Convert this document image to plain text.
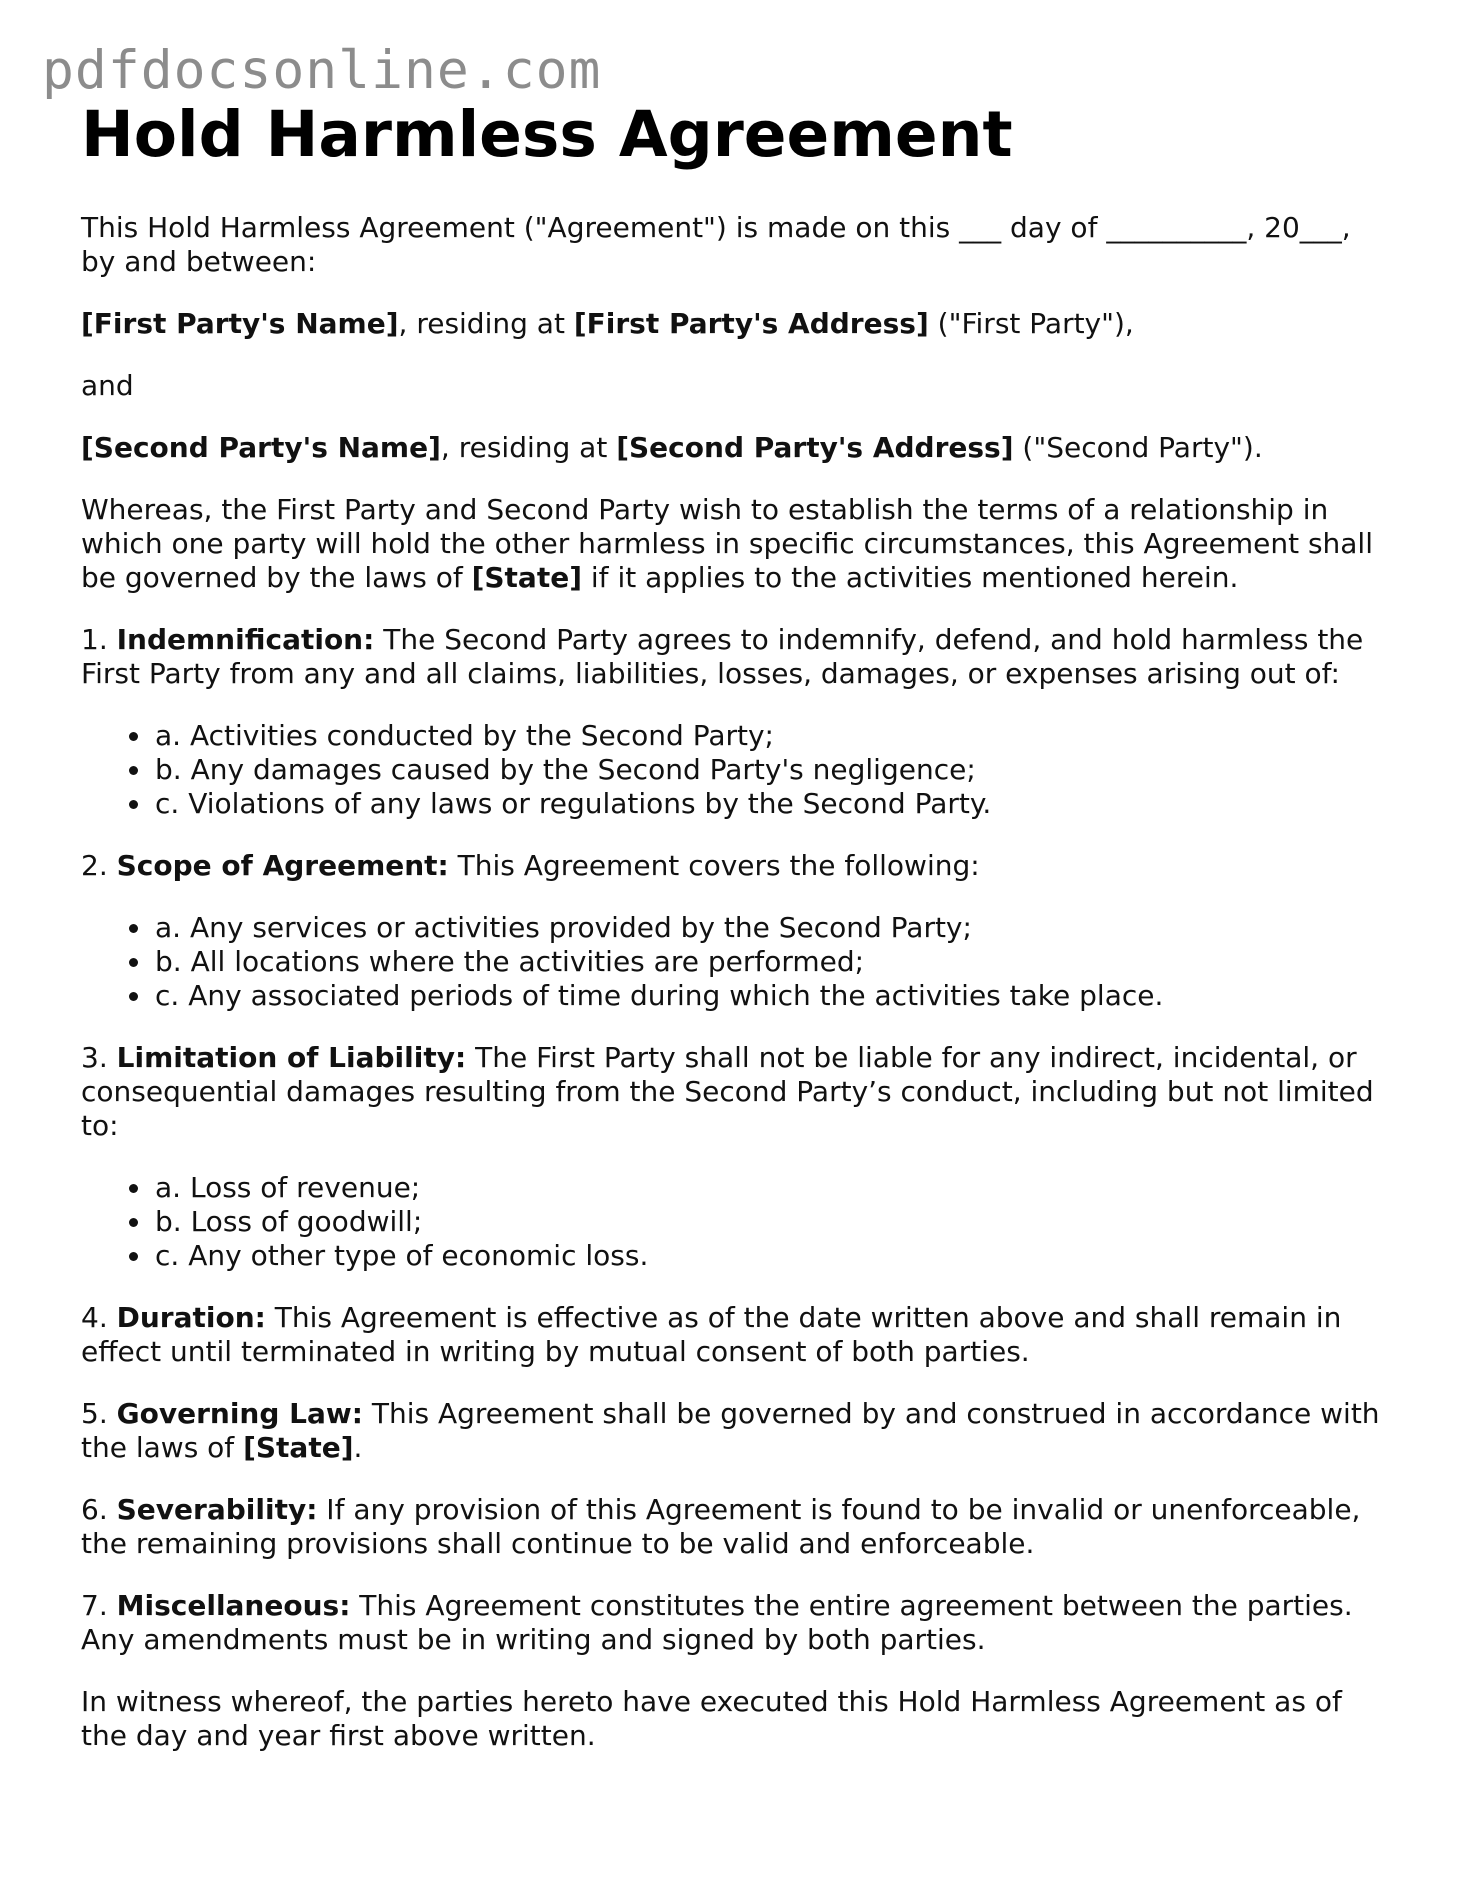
pdfdocsonline.com
Hold Harmless Agreement

This Hold Harmless Agreement ("Agreement") is made on this ___ day of __________, 20___, by and between:

[First Party's Name], residing at [First Party's Address] ("First Party"),

and

[Second Party's Name], residing at [Second Party's Address] ("Second Party").

Whereas, the First Party and Second Party wish to establish the terms of a relationship in which one party will hold the other harmless in specific circumstances, this Agreement shall be governed by the laws of [State] if it applies to the activities mentioned herein.

1. Indemnification: The Second Party agrees to indemnify, defend, and hold harmless the First Party from any and all claims, liabilities, losses, damages, or expenses arising out of:

• a. Activities conducted by the Second Party;
• b. Any damages caused by the Second Party's negligence;
• c. Violations of any laws or regulations by the Second Party.

2. Scope of Agreement: This Agreement covers the following:

• a. Any services or activities provided by the Second Party;
• b. All locations where the activities are performed;
• c. Any associated periods of time during which the activities take place.

3. Limitation of Liability: The First Party shall not be liable for any indirect, incidental, or consequential damages resulting from the Second Party’s conduct, including but not limited to:

• a. Loss of revenue;
• b. Loss of goodwill;
• c. Any other type of economic loss.

4. Duration: This Agreement is effective as of the date written above and shall remain in effect until terminated in writing by mutual consent of both parties.

5. Governing Law: This Agreement shall be governed by and construed in accordance with the laws of [State].

6. Severability: If any provision of this Agreement is found to be invalid or unenforceable, the remaining provisions shall continue to be valid and enforceable.

7. Miscellaneous: This Agreement constitutes the entire agreement between the parties. Any amendments must be in writing and signed by both parties.

In witness whereof, the parties hereto have executed this Hold Harmless Agreement as of the day and year first above written.
